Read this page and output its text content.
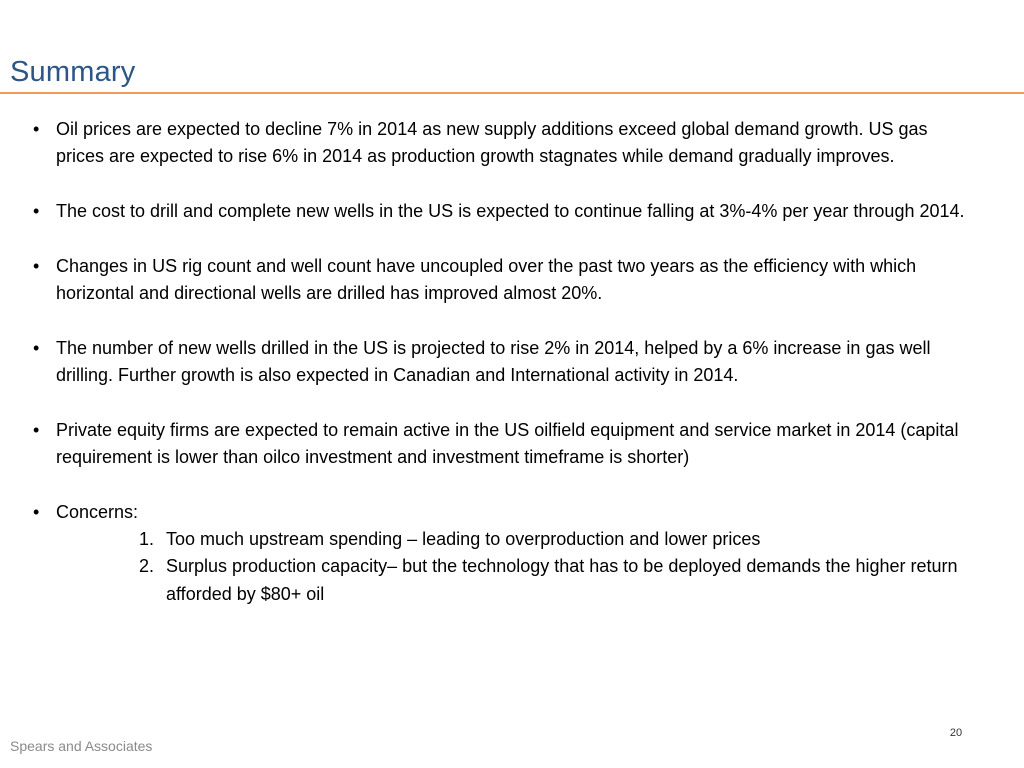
Summary
• Oil prices are expected to decline 7% in 2014 as new supply additions exceed global demand growth. US gas prices are expected to rise 6% in 2014 as production growth stagnates while demand gradually improves.
• The cost to drill and complete new wells in the US is expected to continue falling at 3%-4% per year through 2014.
• Changes in US rig count and well count have uncoupled over the past two years as the efficiency with which horizontal and directional wells are drilled has improved almost 20%.
• The number of new wells drilled in the US is projected to rise 2% in 2014, helped by a 6% increase in gas well drilling. Further growth is also expected in Canadian and International activity in 2014.
• Private equity firms are expected to remain active in the US oilfield equipment and service market in 2014 (capital requirement is lower than oilco investment and investment timeframe is shorter)
• Concerns:
1. Too much upstream spending – leading to overproduction and lower prices
2. Surplus production capacity– but the technology that has to be deployed demands the higher return afforded by $80+ oil
20
Spears and Associates
